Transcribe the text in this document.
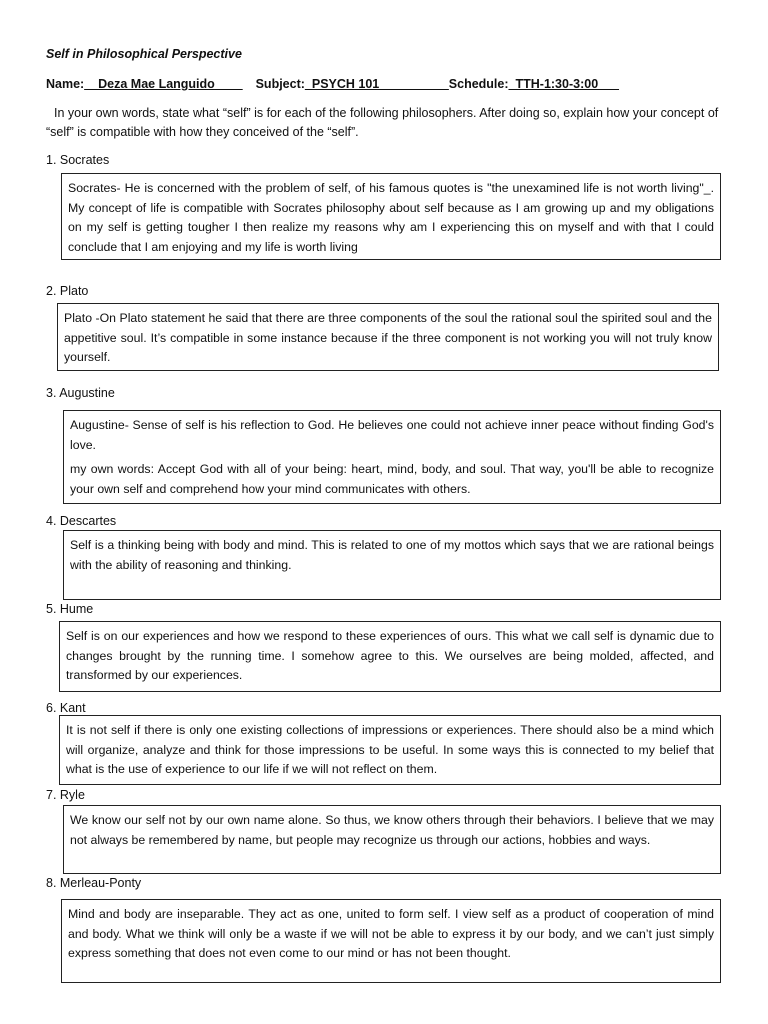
Self in Philosophical Perspective
Name:__Deza Mae Languido____ Subject:_PSYCH 101__________Schedule:_TTH-1:30-3:00___
In your own words, state what “self” is for each of the following philosophers. After doing so, explain how your concept of “self” is compatible with how they conceived of the “self”.
1. Socrates

Socrates- He is concerned with the problem of self, of his famous quotes is "the unexamined life is not worth living"_. My concept of life is compatible with Socrates philosophy about self because as I am growing up and my obligations on my self is getting tougher I then realize my reasons why am I experiencing this on myself and with that I could conclude that I am enjoying and my life is worth living

2. Plato

Plato -On Plato statement he said that there are three components of the soul the rational soul the spirited soul and the appetitive soul. It’s compatible in some instance because if the three component is not working you will not truly know yourself.

3. Augustine

Augustine- Sense of self is his reflection to God. He believes one could not achieve inner peace without finding God's love.

my own words: Accept God with all of your being: heart, mind, body, and soul. That way, you'll be able to recognize your own self and comprehend how your mind communicates with others.

4. Descartes

Self is a thinking being with body and mind. This is related to one of my mottos which says that we are rational beings with the ability of reasoning and thinking.

5. Hume

Self is on our experiences and how we respond to these experiences of ours. This what we call self is dynamic due to changes brought by the running time. I somehow agree to this. We ourselves are being molded, affected, and transformed by our experiences.

6. Kant

It is not self if there is only one existing collections of impressions or experiences. There should also be a mind which will organize, analyze and think for those impressions to be useful. In some ways this is connected to my belief that what is the use of experience to our life if we will not reflect on them.

7. Ryle

We know our self not by our own name alone. So thus, we know others through their behaviors. I believe that we may not always be remembered by name, but people may recognize us through our actions, hobbies and ways.

8. Merleau-Ponty

Mind and body are inseparable. They act as one, united to form self. I view self as a product of cooperation of mind and body. What we think will only be a waste if we will not be able to express it by our body, and we can’t just simply express something that does not even come to our mind or has not been thought.
